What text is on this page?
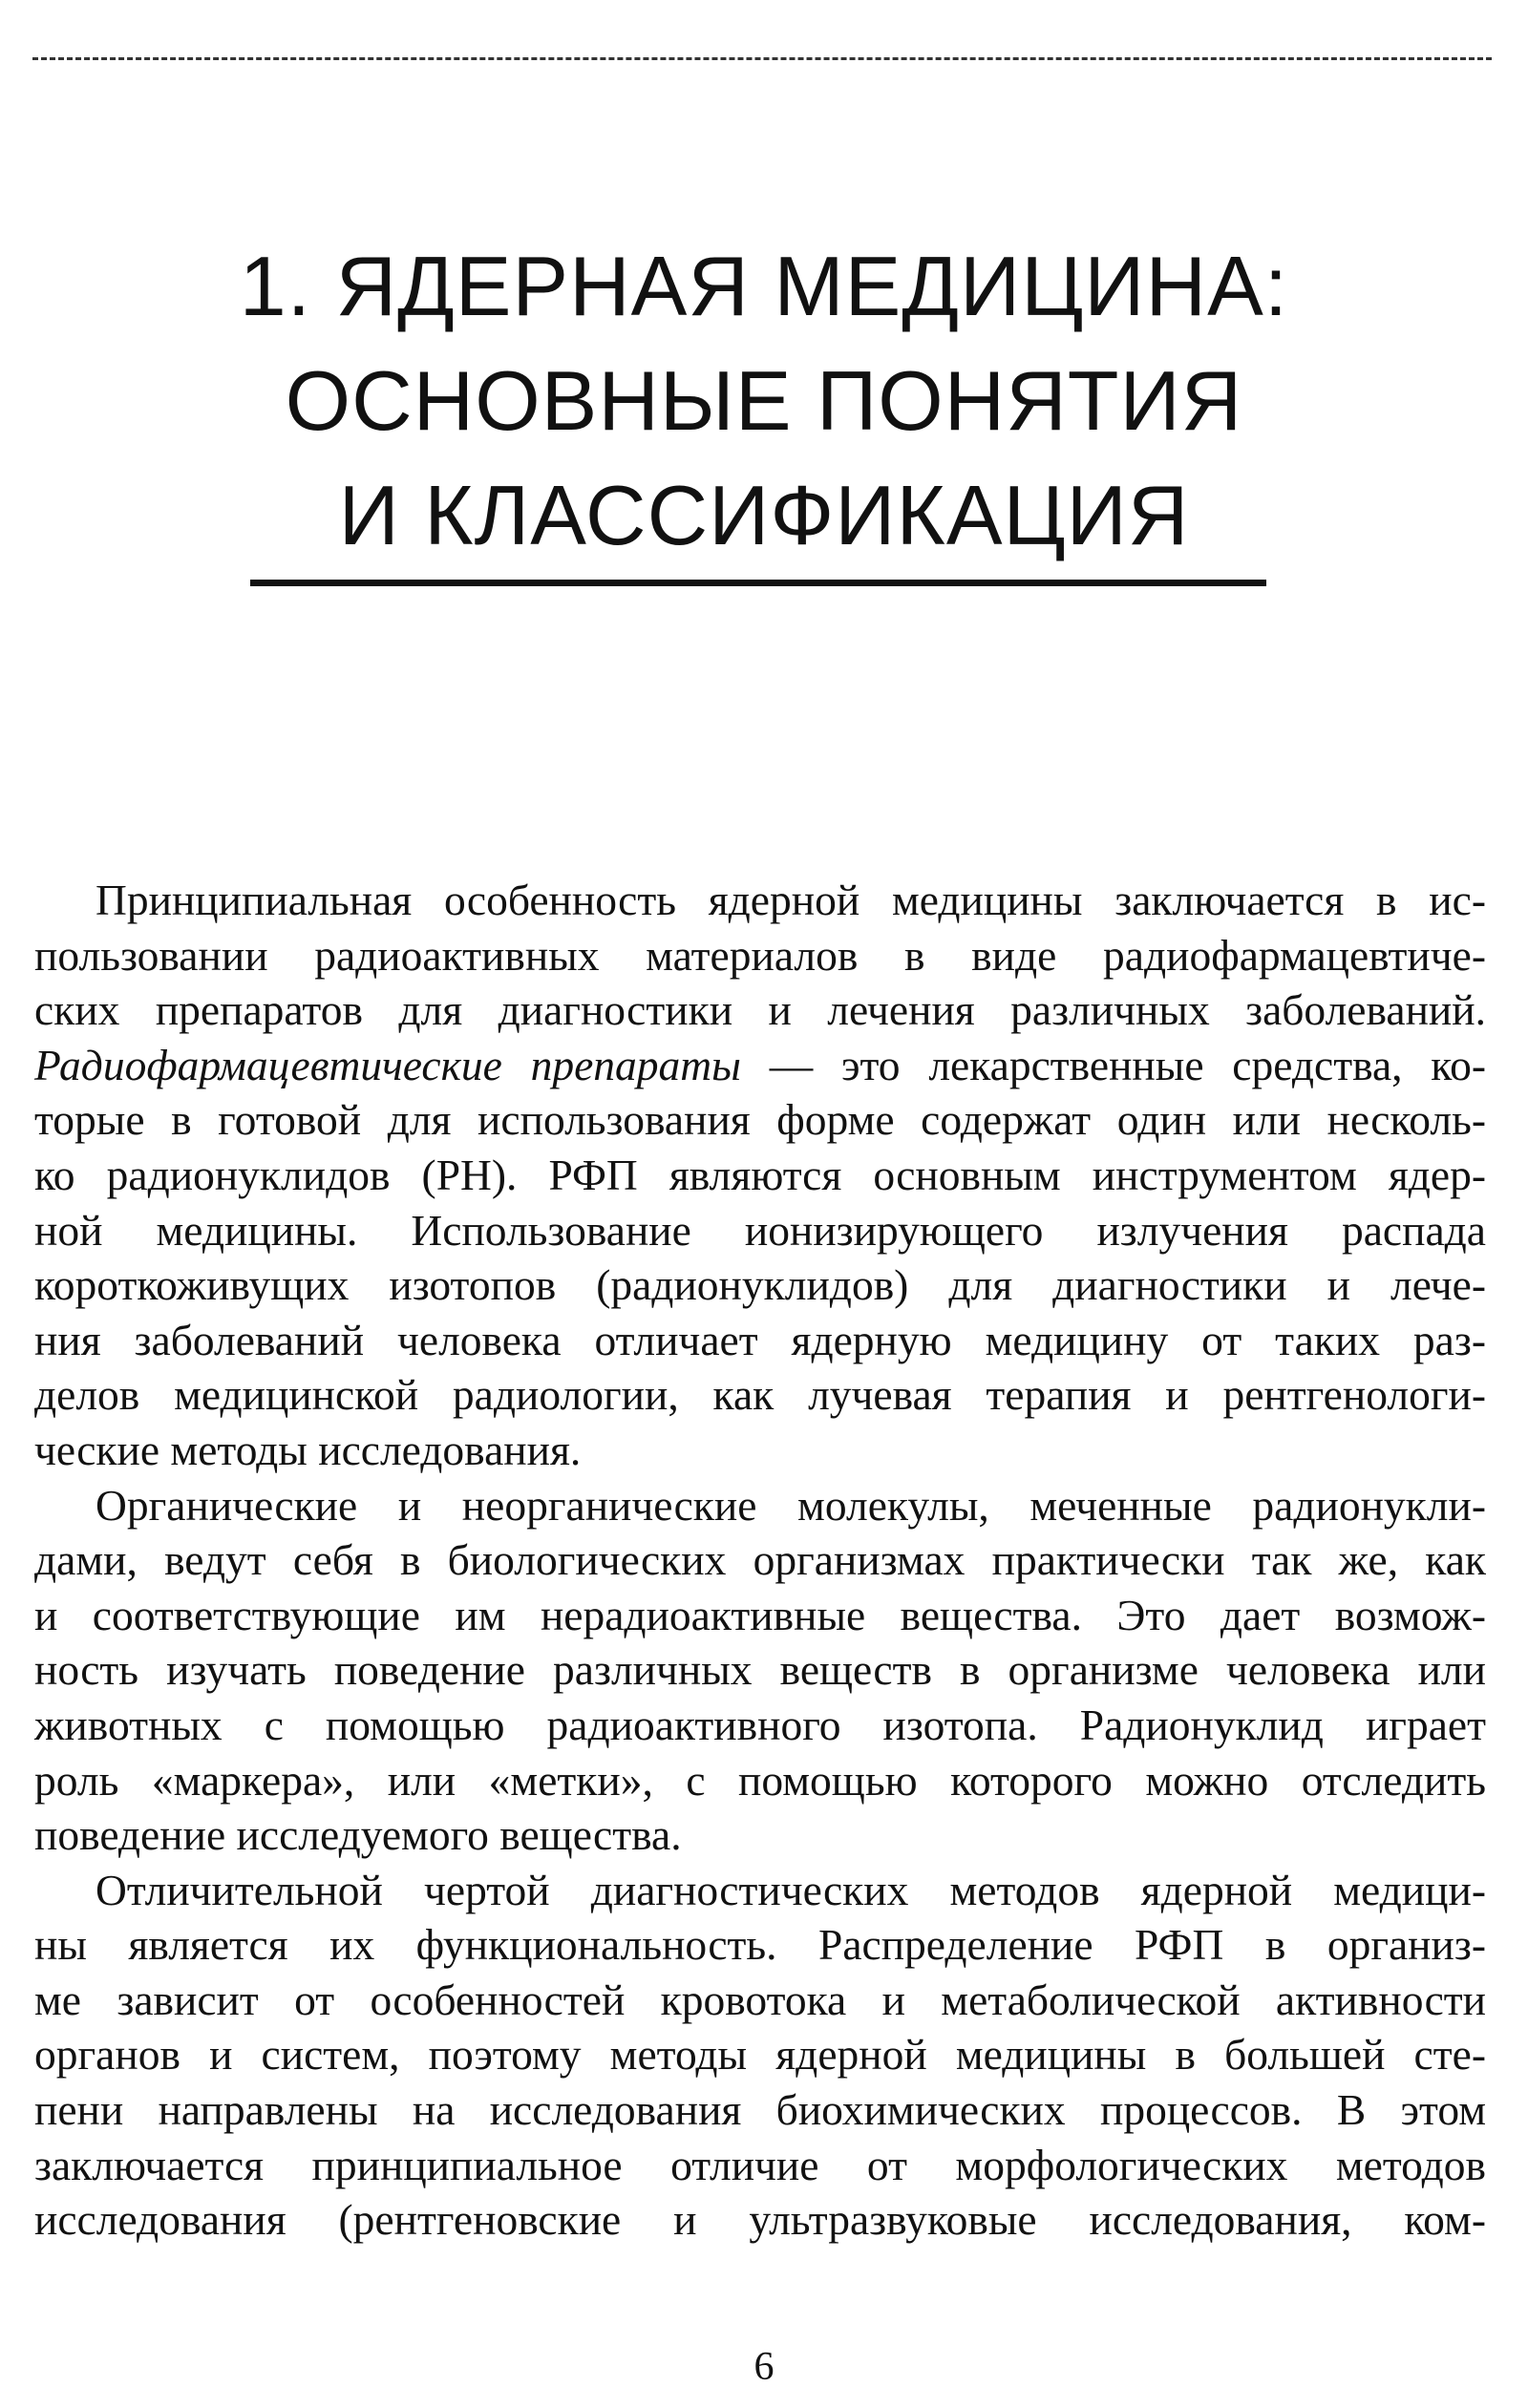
1. ЯДЕРНАЯ МЕДИЦИНА:
ОСНОВНЫЕ ПОНЯТИЯ
И КЛАССИФИКАЦИЯ

Принципиальная особенность ядерной медицины заключается в ис-
пользовании радиоактивных материалов в виде радиофармацевтиче-
ских препаратов для диагностики и лечения различных заболеваний.
Радиофармацевтические препараты — это лекарственные средства, ко-
торые в готовой для использования форме содержат один или несколь-
ко радионуклидов (РН). РФП являются основным инструментом ядер-
ной медицины. Использование ионизирующего излучения распада
короткоживущих изотопов (радионуклидов) для диагностики и лече-
ния заболеваний человека отличает ядерную медицину от таких раз-
делов медицинской радиологии, как лучевая терапия и рентгенологи-
ческие методы исследования.

Органические и неорганические молекулы, меченные радионукли-
дами, ведут себя в биологических организмах практически так же, как
и соответствующие им нерадиоактивные вещества. Это дает возмож-
ность изучать поведение различных веществ в организме человека или
животных с помощью радиоактивного изотопа. Радионуклид играет
роль «маркера», или «метки», с помощью которого можно отследить
поведение исследуемого вещества.

Отличительной чертой диагностических методов ядерной медици-
ны является их функциональность. Распределение РФП в организ-
ме зависит от особенностей кровотока и метаболической активности
органов и систем, поэтому методы ядерной медицины в большей сте-
пени направлены на исследования биохимических процессов. В этом
заключается принципиальное отличие от морфологических методов
исследования (рентгеновские и ультразвуковые исследования, ком-

6
